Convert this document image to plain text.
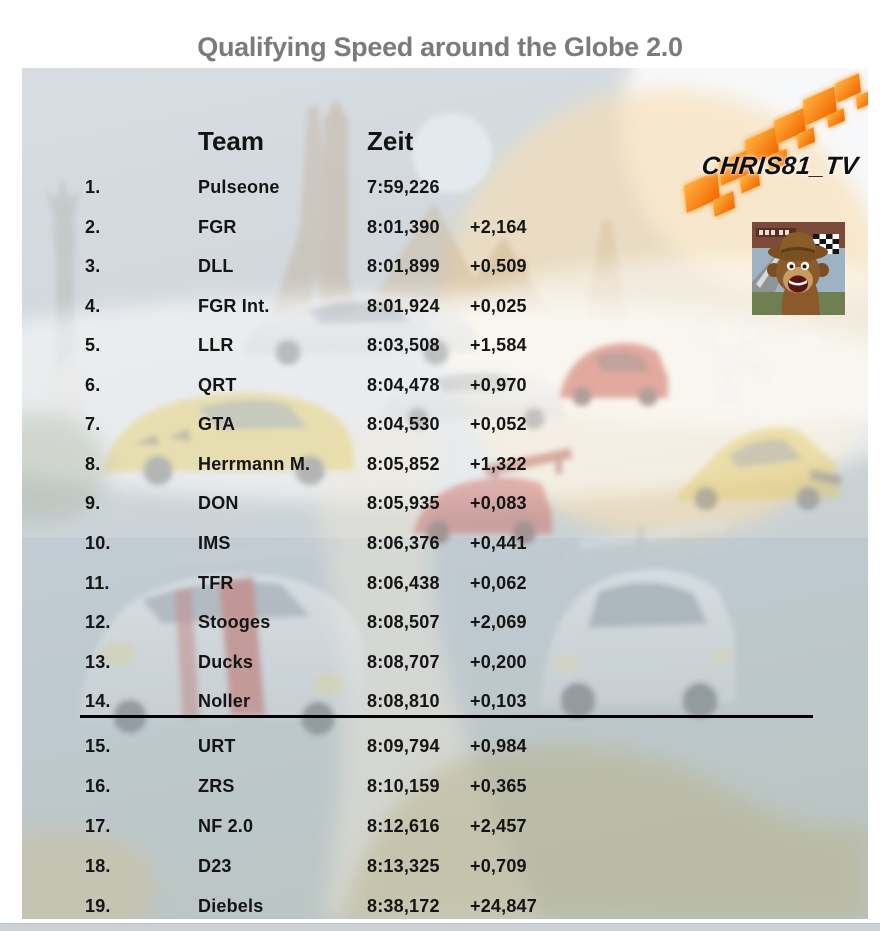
Qualifying Speed around the Globe 2.0
CHRIS81_TV
Team	Zeit
1.	Pulseone	7:59,226
2.	FGR	8:01,390 +2,164
3.	DLL	8:01,899 +0,509
4.	FGR Int.	8:01,924 +0,025
5.	LLR	8:03,508 +1,584
6.	QRT	8:04,478 +0,970
7.	GTA	8:04,530 +0,052
8.	Herrmann M.	8:05,852 +1,322
9.	DON	8:05,935 +0,083
10.	IMS	8:06,376 +0,441
11.	TFR	8:06,438 +0,062
12.	Stooges	8:08,507 +2,069
13.	Ducks	8:08,707 +0,200
14.	Noller	8:08,810 +0,103
15.	URT	8:09,794 +0,984
16.	ZRS	8:10,159 +0,365
17.	NF 2.0	8:12,616 +2,457
18.	D23	8:13,325 +0,709
19.	Diebels	8:38,172 +24,847
